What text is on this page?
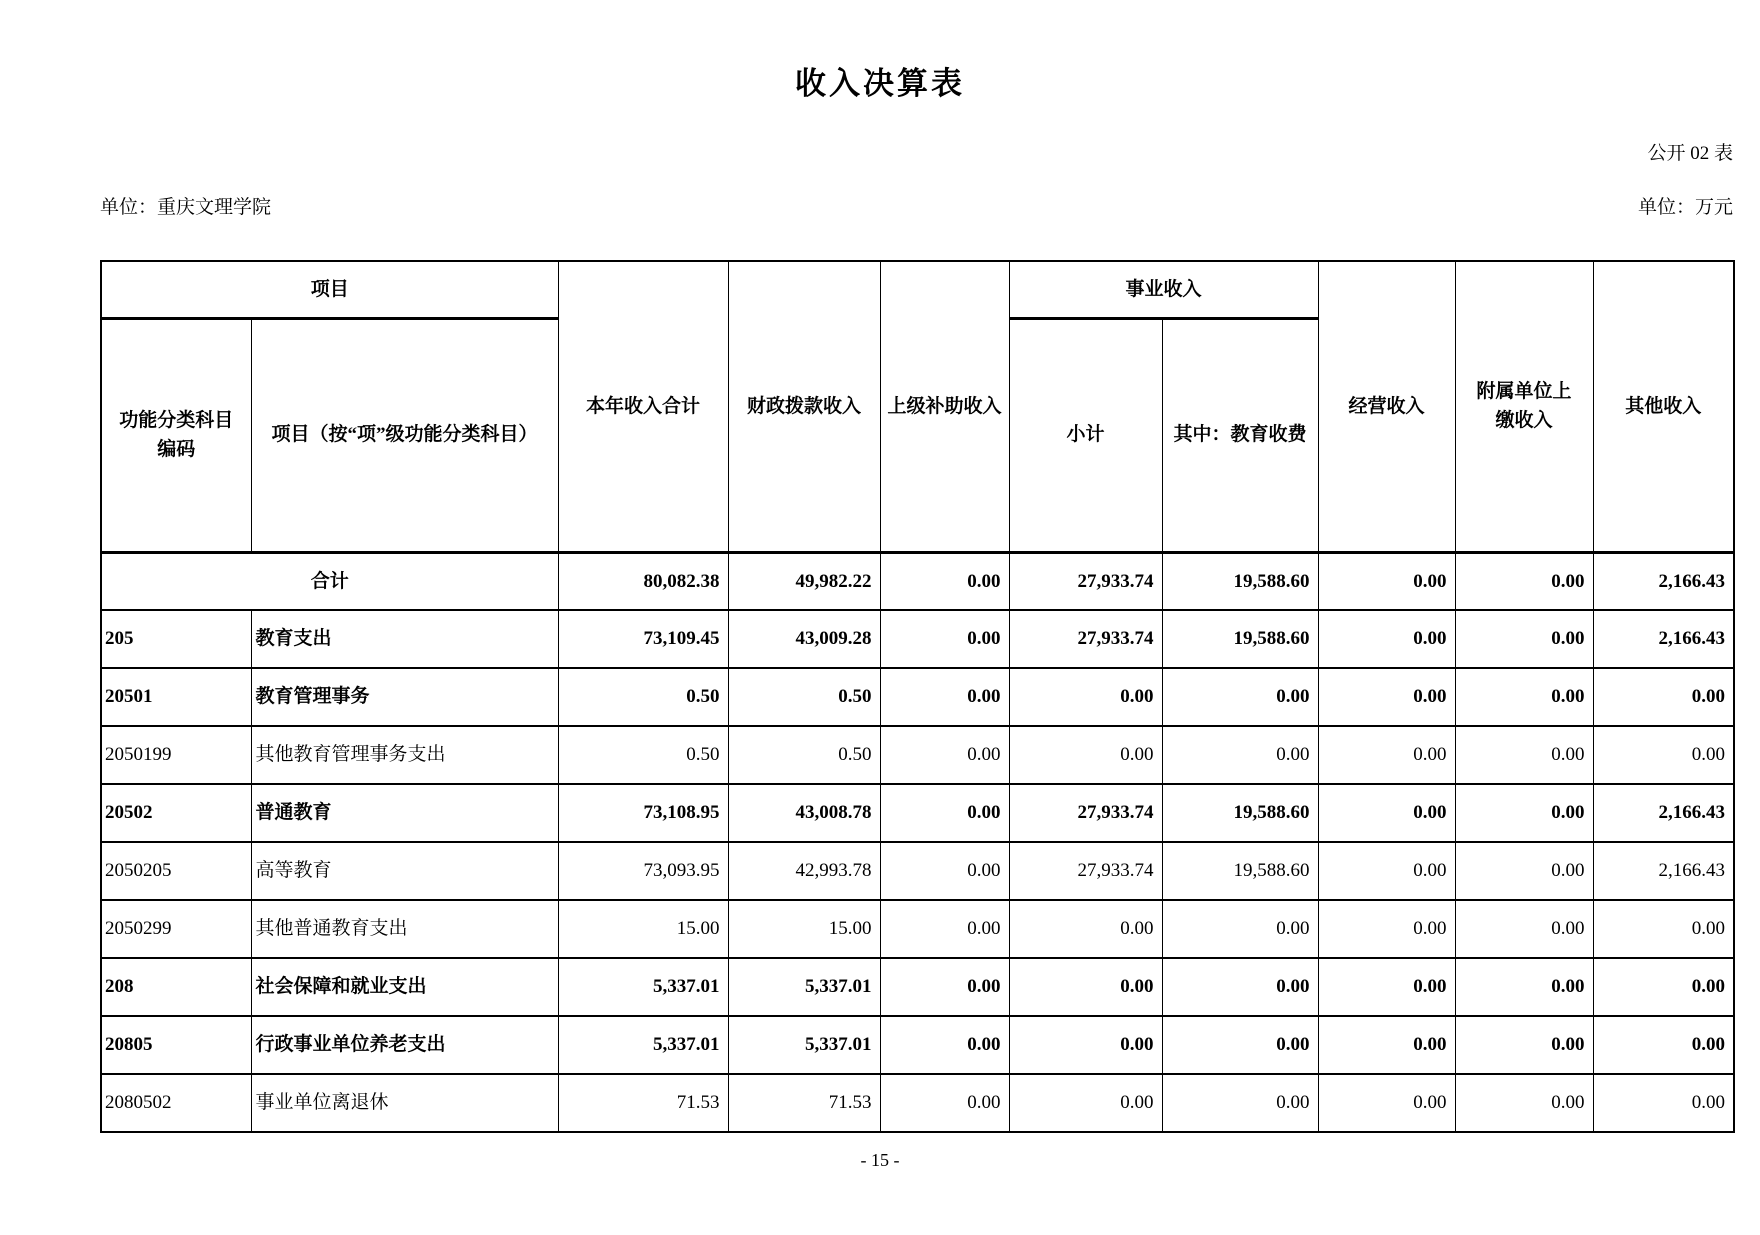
收入决算表
公开 02 表
单位：重庆文理学院	单位：万元
项目		本年收入合计	财政拨款收入	上级补助收入	事业收入		经营收入	附属单位上缴收入	其他收入
功能分类科目编码	项目（按“项”级功能分类科目）				小计	其中：教育收费			
合计		80,082.38	49,982.22	0.00	27,933.74	19,588.60	0.00	0.00	2,166.43
205	教育支出	73,109.45	43,009.28	0.00	27,933.74	19,588.60	0.00	0.00	2,166.43
20501	教育管理事务	0.50	0.50	0.00	0.00	0.00	0.00	0.00	0.00
2050199	其他教育管理事务支出	0.50	0.50	0.00	0.00	0.00	0.00	0.00	0.00
20502	普通教育	73,108.95	43,008.78	0.00	27,933.74	19,588.60	0.00	0.00	2,166.43
2050205	高等教育	73,093.95	42,993.78	0.00	27,933.74	19,588.60	0.00	0.00	2,166.43
2050299	其他普通教育支出	15.00	15.00	0.00	0.00	0.00	0.00	0.00	0.00
208	社会保障和就业支出	5,337.01	5,337.01	0.00	0.00	0.00	0.00	0.00	0.00
20805	行政事业单位养老支出	5,337.01	5,337.01	0.00	0.00	0.00	0.00	0.00	0.00
2080502	事业单位离退休	71.53	71.53	0.00	0.00	0.00	0.00	0.00	0.00
- 15 -
